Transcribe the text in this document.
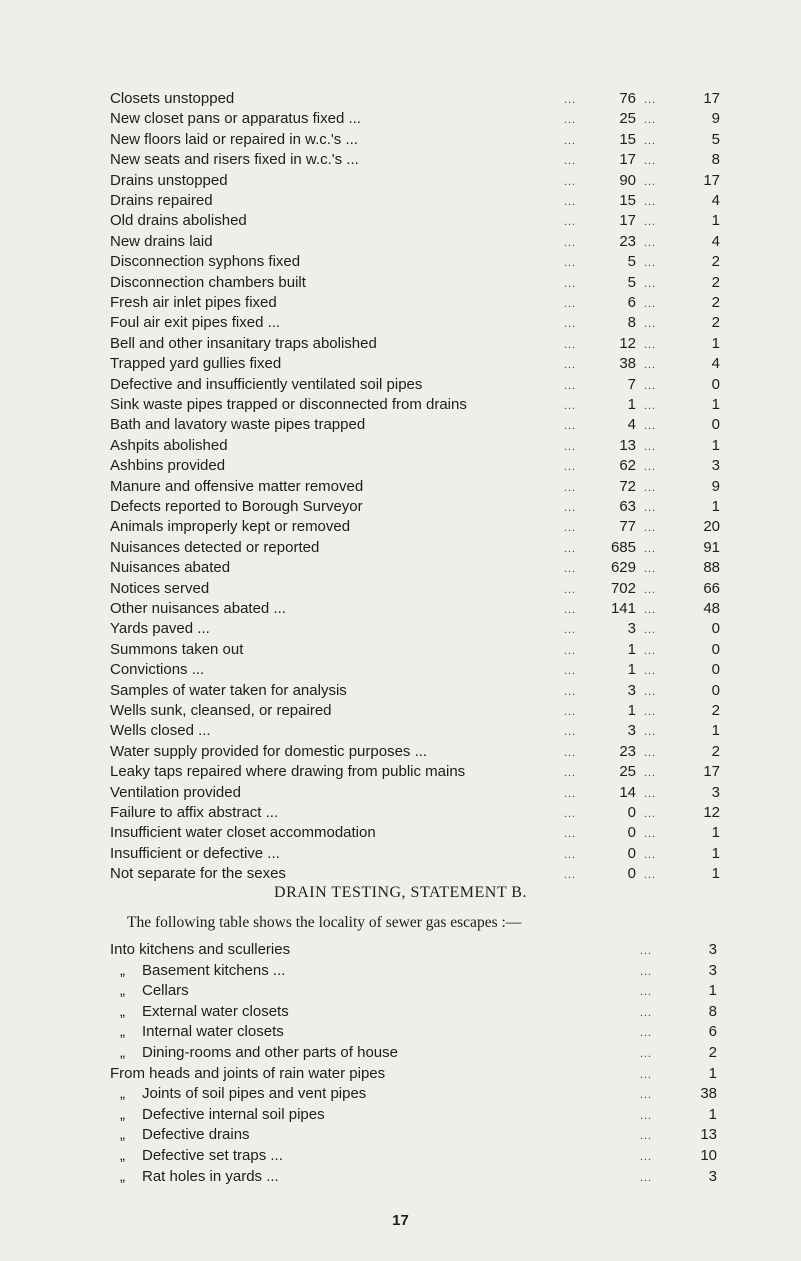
Closets unstopped	...	76 ...	17
New closet pans or apparatus fixed ...	...	25 ...	9
New floors laid or repaired in w.c.'s ...	...	15 ...	5
New seats and risers fixed in w.c.'s ...	...	17 ...	8
Drains unstopped	...	90 ...	17
Drains repaired	...	15 ...	4
Old drains abolished	...	17 ...	1
New drains laid	...	23 ...	4
Disconnection syphons fixed	...	5 ...	2
Disconnection chambers built	...	5 ...	2
Fresh air inlet pipes fixed	...	6 ...	2
Foul air exit pipes fixed ...	...	8 ...	2
Bell and other insanitary traps abolished	...	12 ...	1
Trapped yard gullies fixed	...	38 ...	4
Defective and insufficiently ventilated soil pipes	...	7 ...	0
Sink waste pipes trapped or disconnected from drains	...	1 ...	1
Bath and lavatory waste pipes trapped	...	4 ...	0
Ashpits abolished	...	13 ...	1
Ashbins provided	...	62 ...	3
Manure and offensive matter removed	...	72 ...	9
Defects reported to Borough Surveyor	...	63 ...	1
Animals improperly kept or removed	...	77 ...	20
Nuisances detected or reported	...	685 ...	91
Nuisances abated	...	629 ...	88
Notices served	...	702 ...	66
Other nuisances abated ...	...	141 ...	48
Yards paved ...	...	3 ...	0
Summons taken out	...	1 ...	0
Convictions ...	...	1 ...	0
Samples of water taken for analysis	...	3 ...	0
Wells sunk, cleansed, or repaired	...	1 ...	2
Wells closed ...	...	3 ...	1
Water supply provided for domestic purposes ...	...	23 ...	2
Leaky taps repaired where drawing from public mains	...	25 ...	17
Ventilation provided	...	14 ...	3
Failure to affix abstract ...	...	0 ...	12
Insufficient water closet accommodation	...	0 ...	1
Insufficient or defective ...	...	0 ...	1
Not separate for the sexes	...	0 ...	1
DRAIN TESTING, STATEMENT B.
The following table shows the locality of sewer gas escapes :—
Into kitchens and sculleries	...	3
„ Basement kitchens ...	...	3
„ Cellars	...	1
„ External water closets	...	8
„ Internal water closets	...	6
„ Dining-rooms and other parts of house	...	2
From heads and joints of rain water pipes	...	1
„ Joints of soil pipes and vent pipes	...	38
„ Defective internal soil pipes	...	1
„ Defective drains	...	13
„ Defective set traps ...	...	10
„ Rat holes in yards ...	...	3
17
